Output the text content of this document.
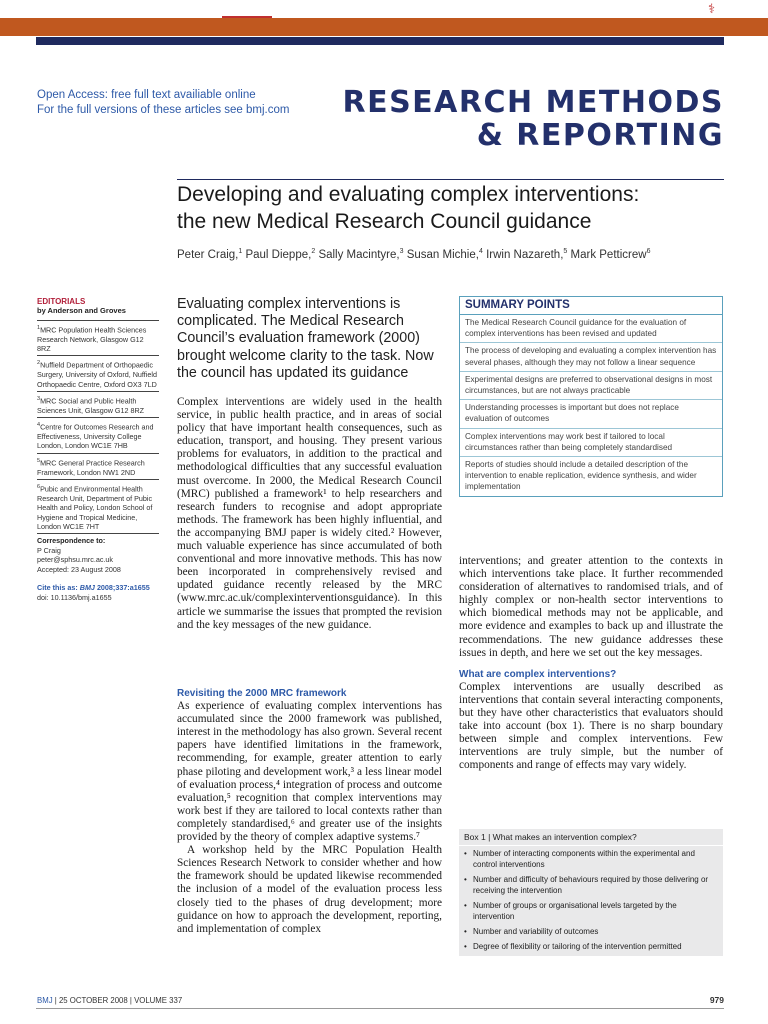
⚕
Open Access: free full text availiable online
For the full versions of these articles see bmj.com RESEARCH METHODS
& REPORTING
Developing and evaluating complex interventions:
the new Medical Research Council guidance
Peter Craig,$^1$ Paul Dieppe,$^2$ Sally Macintyre,$^3$ Susan Michie,$^4$ Irwin Nazareth,$^5$ Mark Petticrew$^6$
EDITORIALS
by Anderson and Groves
$^1$MRC Population Health Sciences Research Network, Glasgow G12 8RZ
$^2$Nuffield Department of Orthopaedic Surgery, University of Oxford, Nuffield Orthopaedic Centre, Oxford OX3 7LD
$^3$MRC Social and Public Health Sciences Unit, Glasgow G12 8RZ
$^4$Centre for Outcomes Research and Effectiveness, University College London, London WC1E 7HB
$^5$MRC General Practice Research Framework, London NW1 2ND
$^6$Pubic and Environmental Health Research Unit, Department of Pubic Health and Policy, London School of Hygiene and Tropical Medicine, London WC1E 7HT
Correspondence to:
P Craig
peter@sphsu.mrc.ac.uk
Accepted: 23 August 2008
Cite this as: BMJ 2008;337:a1655
doi: 10.1136/bmj.a1655
Evaluating complex interventions is complicated. The Medical Research Council’s evaluation framework (2000) brought welcome clarity to the task. Now the council has updated its guidance

Complex interventions are widely used in the health service, in public health practice, and in areas of social policy that have important health consequences, such as education, transport, and housing. They present various problems for evaluators, in addition to the practical and methodological difficulties that any successful evaluation must overcome. In 2000, the Medical Research Council (MRC) published a framework¹ to help researchers and research funders to recognise and adopt appropriate methods. The framework has been highly influential, and the accompanying BMJ paper is widely cited.² However, much valuable experience has since accumulated of both conventional and more innovative methods. This has now been incorporated in comprehensively revised and updated guidance recently released by the MRC (www.mrc.ac.uk/complexinterventionsguidance). In this article we summarise the issues that prompted the revision and the key messages of the new guidance.

Revisiting the 2000 MRC framework

As experience of evaluating complex interventions has accumulated since the 2000 framework was published, interest in the methodology has also grown. Several recent papers have identified limitations in the framework, recommending, for example, greater attention to early phase piloting and development work,³ a less linear model of evaluation process,⁴ integration of process and outcome evaluation,⁵ recognition that complex interventions may work best if they are tailored to local contexts rather than completely standardised,⁶ and greater use of the insights provided by the theory of complex adaptive systems.⁷

A workshop held by the MRC Population Health Sciences Research Network to consider whether and how the framework should be updated likewise recommended the inclusion of a model of the evaluation process less closely tied to the phases of drug development; more guidance on how to approach the development, reporting, and implementation of complex

SUMMARY POINTS
The Medical Research Council guidance for the evaluation of complex interventions has been revised and updated
The process of developing and evaluating a complex intervention has several phases, although they may not follow a linear sequence
Experimental designs are preferred to observational designs in most circumstances, but are not always practicable
Understanding processes is important but does not replace evaluation of outcomes
Complex interventions may work best if tailored to local circumstances rather than being completely standardised
Reports of studies should include a detailed description of the intervention to enable replication, evidence synthesis, and wider implementation

interventions; and greater attention to the contexts in which interventions take place. It further recommended consideration of alternatives to randomised trials, and of highly complex or non-health sector interventions to which biomedical methods may not be applicable, and more evidence and examples to back up and illustrate the recommendations. The new guidance addresses these issues in depth, and here we set out the key messages.

What are complex interventions?

Complex interventions are usually described as interventions that contain several interacting components, but they have other characteristics that evaluators should take into account (box 1). There is no sharp boundary between simple and complex interventions. Few interventions are truly simple, but the number of components and range of effects may vary widely.

Box 1 | What makes an intervention complex?
• Number of interacting components within the experimental and control interventions
• Number and difficulty of behaviours required by those delivering or receiving the intervention
• Number of groups or organisational levels targeted by the intervention
• Number and variability of outcomes
• Degree of flexibility or tailoring of the intervention permitted
BMJ | 25 OCTOBER 2008 | VOLUME 337	979
